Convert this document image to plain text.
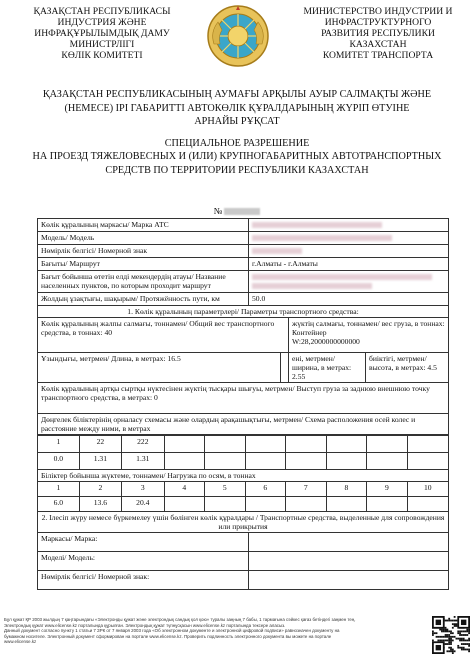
ҚАЗАҚСТАН РЕСПУБЛИКАСЫ
ИНДУСТРИЯ ЖӘНЕ
ИНФРАҚҰРЫЛЫМДЫҚ ДАМУ
МИНИСТРЛІГІ
КӨЛІК КОМИТЕТІ
МИНИСТЕРСТВО ИНДУСТРИИ И
ИНФРАСТРУКТУРНОГО
РАЗВИТИЯ РЕСПУБЛИКИ
КАЗАХСТАН
КОМИТЕТ ТРАНСПОРТА
ҚАЗАҚСТАН РЕСПУБЛИКАСЫНЫҢ АУМАҒЫ АРҚЫЛЫ АУЫР САЛМАҚТЫ ЖӘНЕ
(НЕМЕСЕ) ІРІ ГАБАРИТТІ АВТОКӨЛІК ҚҰРАЛДАРЫНЫҢ ЖҮРІП ӨТУІНЕ
АРНАЙЫ РҰҚСАТ
СПЕЦИАЛЬНОЕ РАЗРЕШЕНИЕ
НА ПРОЕЗД ТЯЖЕЛОВЕСНЫХ И (ИЛИ) КРУПНОГАБАРИТНЫХ АВТОТРАНСПОРТНЫХ
СРЕДСТВ ПО ТЕРРИТОРИИ РЕСПУБЛИКИ КАЗАХСТАН
№
Көлік құралының маркасы/ Марка АТС	
Модель/ Модель	
Нөмірлік белгісі/ Номерной знак	
Бағыты/ Маршрут	г.Алматы - г.Алматы
Бағыт бойынша өтетін елді мекендердің атауы/ Название населенных пунктов, по которым проходит маршрут	

Жолдың ұзақтығы, шақырым/ Протяжённость пути, км	50.0
1. Көлік құралының параметрлері/ Параметры транспортного средства:
Көлік құралының жалпы салмағы, тоннамен/ Общий вес транспортного средства, в тоннах: 40	
жүктің салмағы, тоннамен/ вес груза, в тоннах:
Контейнер
W:28,2000000000000

Ұзындығы, метрмен/ Длина, в метрах: 16.5			ені, метрмен/ ширина, в метрах: 2.55	биіктігі, метрмен/ высота, в метрах: 4.5

Көлік құралының артқы сыртқы нүктесінен жүктің тысқары шығуы, метрмен/ Выступ груза за заднюю внешнюю точку транспортного средства, в метрах: 0
Дөңгелек біліктерінің орналасу схемасы және олардың арақашықтығы, метрмен/ Схема расположения осей колес и расстояние между ними, в метрах
1	22	222							
0.0	1.31	1.31							
Біліктер бойынша жүктеме, тоннамен/ Нагрузка по осям, в тоннах									
1	2	3	4	5	6	7	8	9	10
6.0	13.6	20.4							
2. Ілесіп жүру немесе бүркемелеу үшін бөлінген көлік құралдары / Транспортные средства, выделенные для сопровождения или прикрытия									
Маркасы/ Марка:	
Моделі/ Модель:	
Нөмірлік белгісі/ Номерной знак:	
Бұл құжат ҚР 2003 жылдың 7 қаңтарындағы «Электронды құжат және электрондық сандық қол қою» туралы заңның 7 бабы, 1 тармағына сәйкес қағаз бетіндегі заңмен тең.
Электрондық құжат www.elicense.kz порталында құрылған. Электрондық құжат түпнұсқасын www.elicense.kz порталында тексере аласыз.
Данный документ согласно пункту 1 статьи 7 ЗРК от 7 января 2003 года «Об электронном документе и электронной цифровой подписи» равнозначен документу на
бумажном носителе. Электронный документ сформирован на портале www.elicense.kz. Проверить подлинность электронного документа вы можете на портале
www.elicense.kz
